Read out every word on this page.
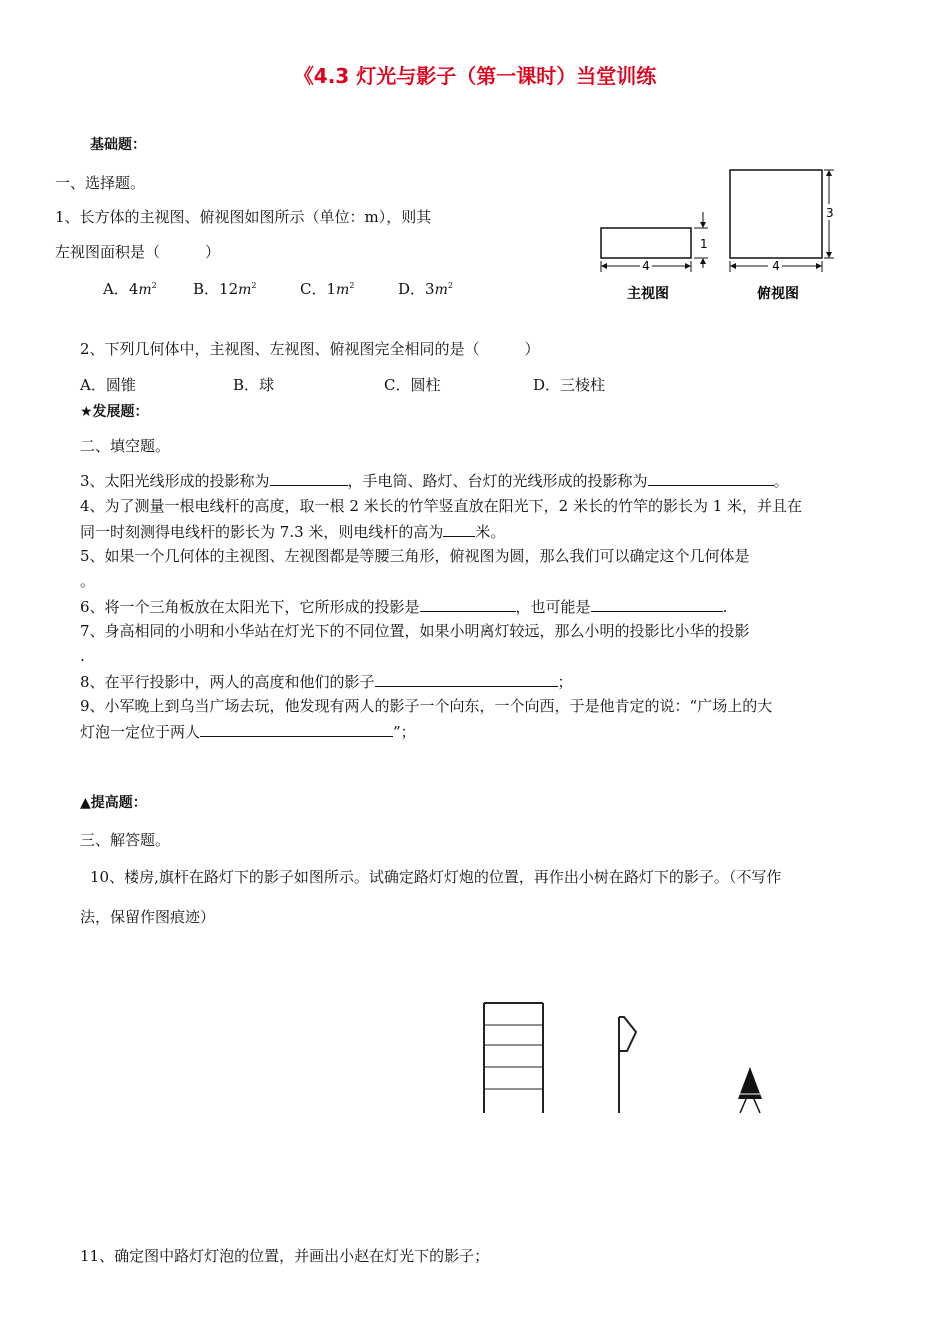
《4.3 灯光与影子（第一课时）当堂训练
基础题：
一、选择题。
1、长方体的主视图、俯视图如图所示（单位：m），则其
左视图面积是（　　　）
A．$4m^2$ B．$12m^2$	C．$1m^2$	D．$3m^2$
4
1
主视图
4
3
俯视图
2、下列几何体中，主视图、左视图、俯视图完全相同的是（　　　）
A．圆锥	B．球	C．圆柱	D．三棱柱
★发展题：
二、填空题。
3、太阳光线形成的投影称为	，手电筒、路灯、台灯的光线形成的投影称为	。
4、为了测量一根电线杆的高度，取一根 2 米长的竹竿竖直放在阳光下，2 米长的竹竿的影长为 1 米，并且在
同一时刻测得电线杆的影长为 7.3 米，则电线杆的高为 米。
5、如果一个几何体的主视图、左视图都是等腰三角形，俯视图为圆，那么我们可以确定这个几何体是
。
6、将一个三角板放在太阳光下，它所形成的投影是	，也可能是	.
7、身高相同的小明和小华站在灯光下的不同位置，如果小明离灯较远，那么小明的投影比小华的投影
.
8、在平行投影中，两人的高度和他们的影子	；
9、小军晚上到乌当广场去玩，他发现有两人的影子一个向东，一个向西，于是他肯定的说：“广场上的大
灯泡一定位于两人	”；
▲提高题：
三、解答题。
10、楼房,旗杆在路灯下的影子如图所示。试确定路灯灯炮的位置，再作出小树在路灯下的影子。（不写作
法，保留作图痕迹）
11、确定图中路灯灯泡的位置，并画出小赵在灯光下的影子；
